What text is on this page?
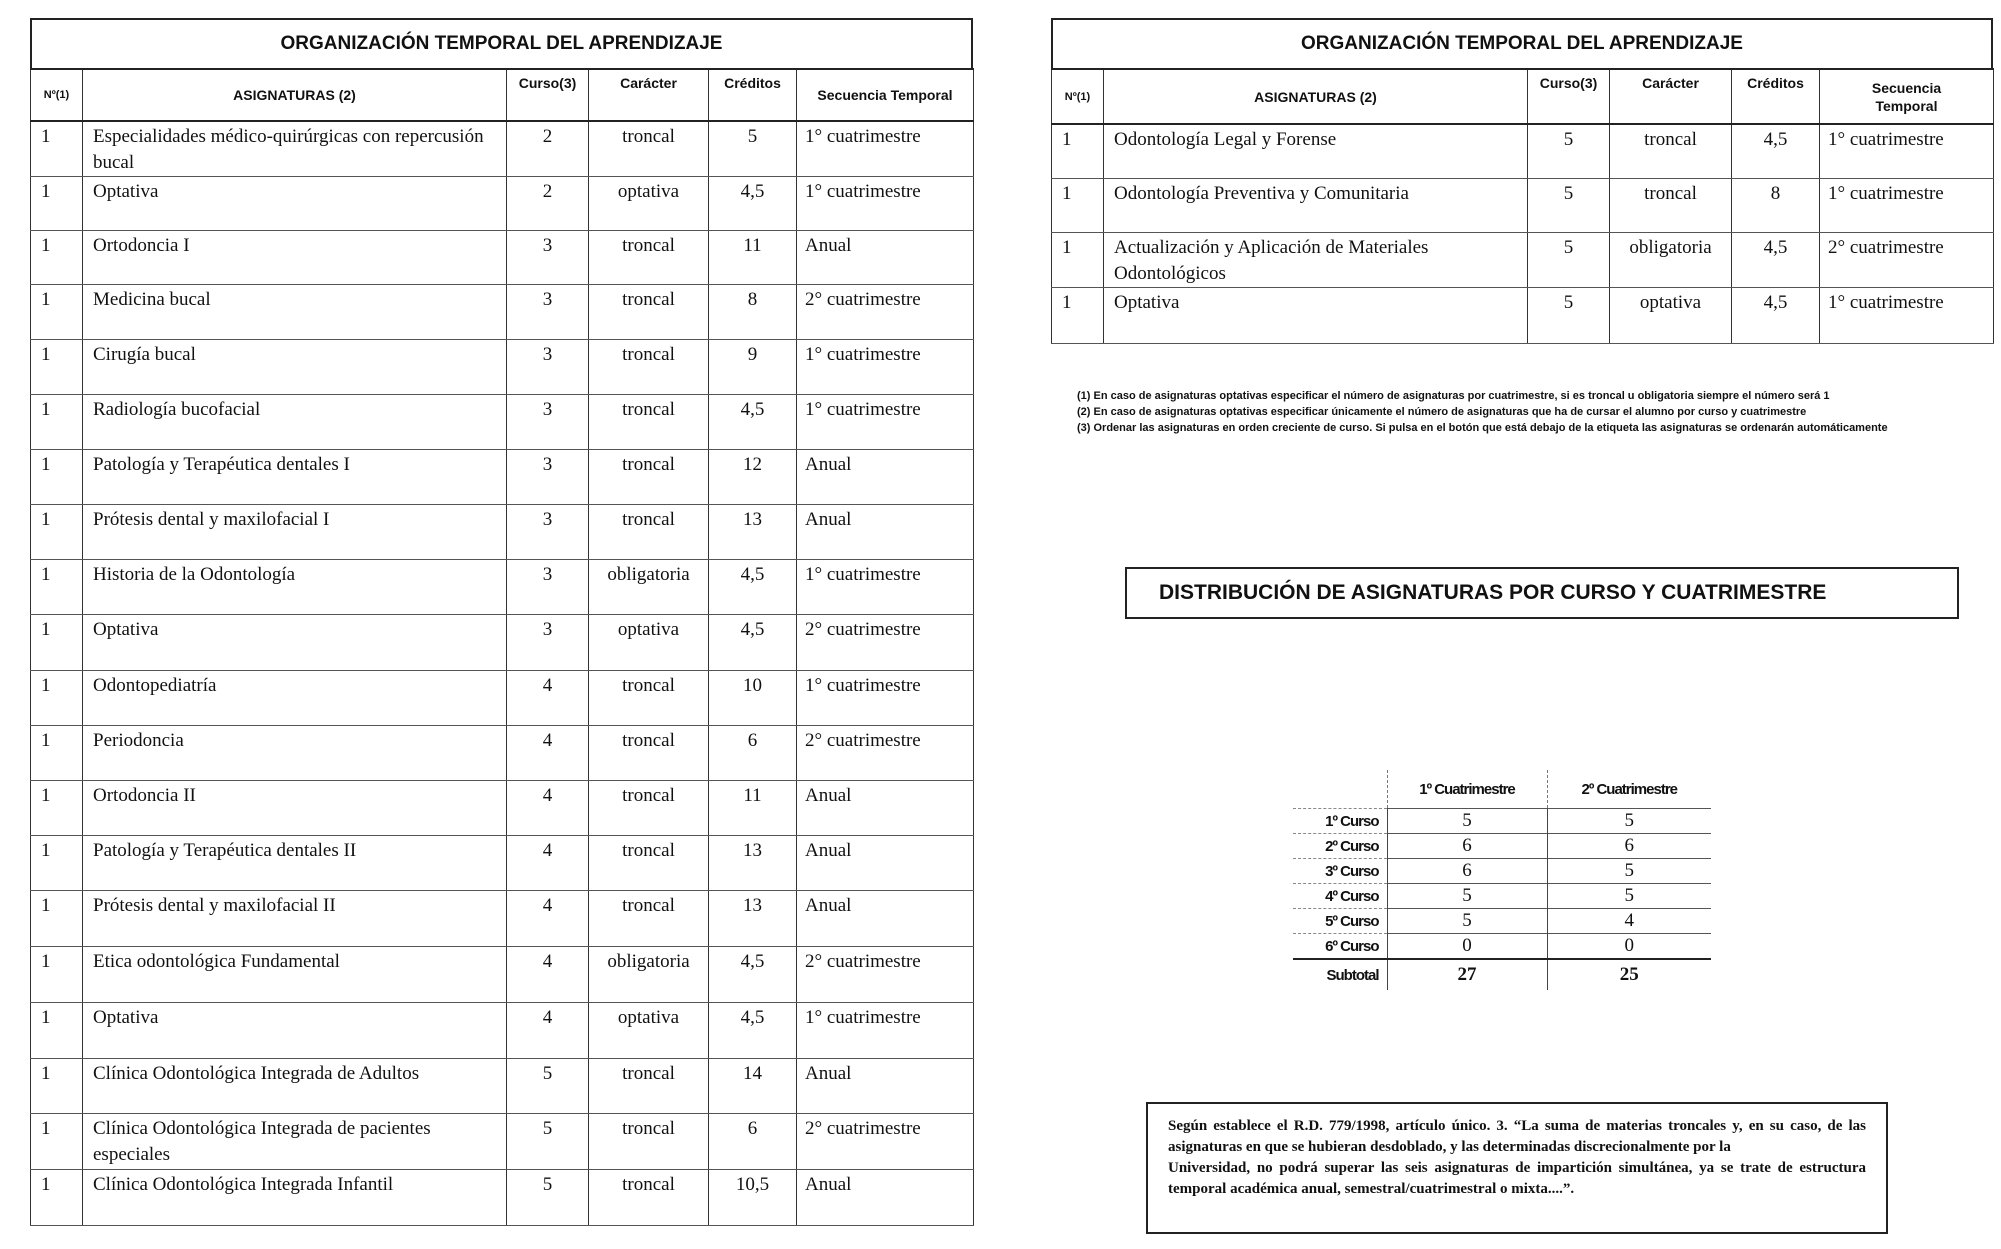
ORGANIZACIÓN TEMPORAL DEL APRENDIZAJE
Nº(1)	ASIGNATURAS (2)	Curso(3)	Carácter	Créditos	Secuencia Temporal
1	Especialidades médico-quirúrgicas con repercusión bucal	2	troncal	5	1° cuatrimestre
1	Optativa	2	optativa	4,5	1° cuatrimestre
1	Ortodoncia I	3	troncal	11	Anual
1	Medicina bucal	3	troncal	8	2° cuatrimestre
1	Cirugía bucal	3	troncal	9	1° cuatrimestre
1	Radiología bucofacial	3	troncal	4,5	1° cuatrimestre
1	Patología y Terapéutica dentales I	3	troncal	12	Anual
1	Prótesis dental y maxilofacial I	3	troncal	13	Anual
1	Historia de la Odontología	3	obligatoria	4,5	1° cuatrimestre
1	Optativa	3	optativa	4,5	2° cuatrimestre
1	Odontopediatría	4	troncal	10	1° cuatrimestre
1	Periodoncia	4	troncal	6	2° cuatrimestre
1	Ortodoncia II	4	troncal	11	Anual
1	Patología y Terapéutica dentales II	4	troncal	13	Anual
1	Prótesis dental y maxilofacial II	4	troncal	13	Anual
1	Etica odontológica Fundamental	4	obligatoria	4,5	2° cuatrimestre
1	Optativa	4	optativa	4,5	1° cuatrimestre
1	Clínica Odontológica Integrada de Adultos	5	troncal	14	Anual
1	Clínica Odontológica Integrada de pacientes especiales	5	troncal	6	2° cuatrimestre
1	Clínica Odontológica Integrada Infantil	5	troncal	10,5	Anual
ORGANIZACIÓN TEMPORAL DEL APRENDIZAJE
Nº(1)	ASIGNATURAS (2)	Curso(3)	Carácter	Créditos	Secuencia Temporal
1	Odontología Legal y Forense	5	troncal	4,5	1° cuatrimestre
1	Odontología Preventiva y Comunitaria	5	troncal	8	1° cuatrimestre
1	Actualización y Aplicación de Materiales Odontológicos	5	obligatoria	4,5	2° cuatrimestre
1	Optativa	5	optativa	4,5	1° cuatrimestre
(1) En caso de asignaturas optativas especificar el número de asignaturas por cuatrimestre, si es troncal u obligatoria siempre el número será 1
(2) En caso de asignaturas optativas especificar únicamente el número de asignaturas que ha de cursar el alumno por curso y cuatrimestre
(3) Ordenar las asignaturas en orden creciente de curso. Si pulsa en el botón que está debajo de la etiqueta las asignaturas se ordenarán automáticamente
DISTRIBUCIÓN DE ASIGNATURAS POR CURSO Y CUATRIMESTRE
	1º Cuatrimestre	2º Cuatrimestre
1º Curso	5	5
2º Curso	6	6
3º Curso	6	5
4º Curso	5	5
5º Curso	5	4
6º Curso	0	0
Subtotal	27	25

Según establece el R.D. 779/1998, artículo único. 3. “La suma de materias troncales y, en su caso, de las asignaturas en que se hubieran desdoblado, y las determinadas discrecionalmente por la

Universidad, no podrá superar las seis asignaturas de impartición simultánea, ya se trate de estructura temporal académica anual, semestral/cuatrimestral o mixta....”.
